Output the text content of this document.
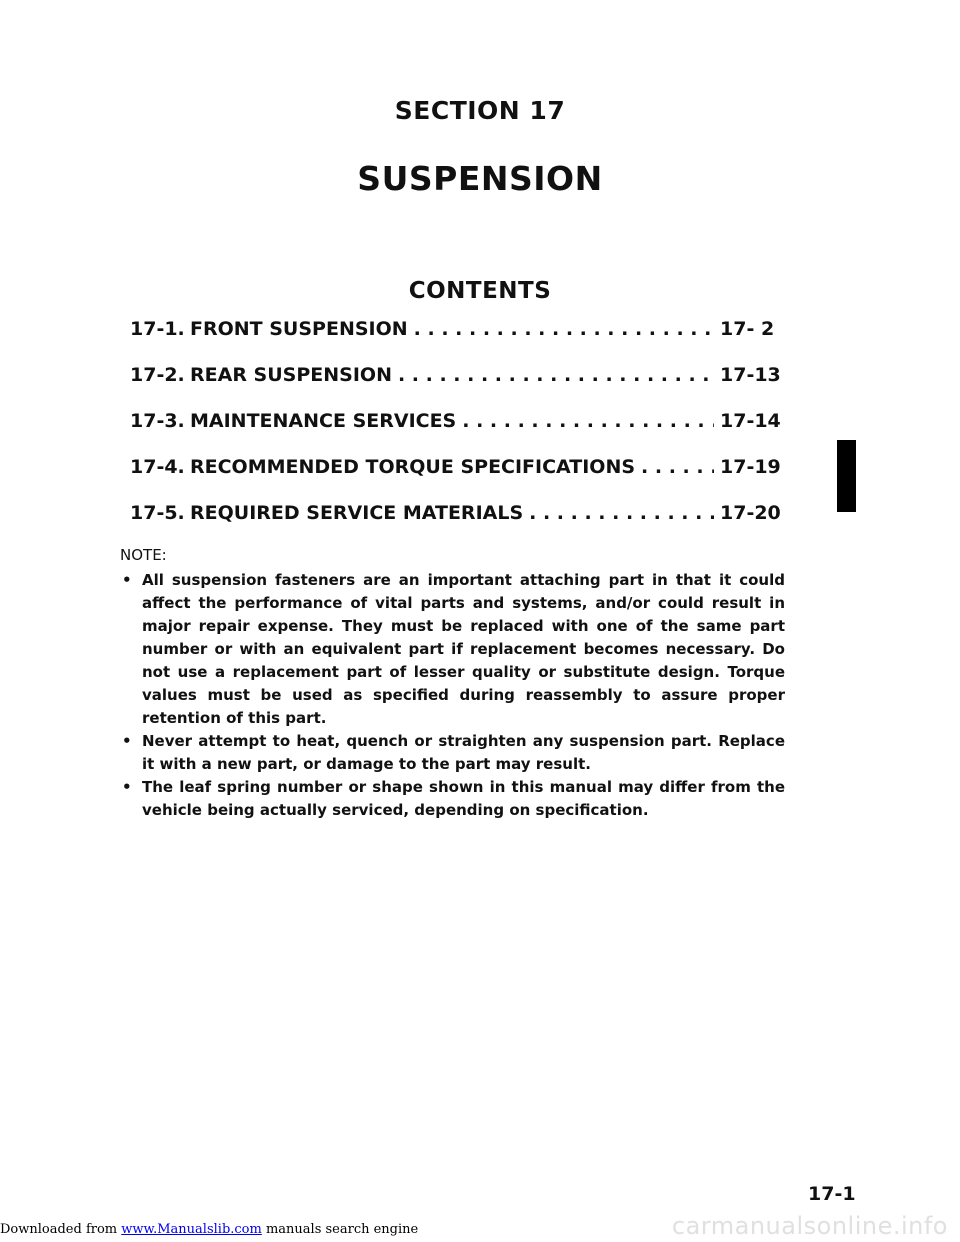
SECTION 17
SUSPENSION
CONTENTS
17-1. FRONT SUSPENSION . . .	17- 2
17-2. REAR SUSPENSION . . .	17-13
17-3. MAINTENANCE SERVICES . . .	17-14
17-4. RECOMMENDED TORQUE SPECIFICATIONS . . .	17-19
17-5. REQUIRED SERVICE MATERIALS . . .	17-20
NOTE:
• All suspension fasteners are an important attaching part in that it could affect the performance of vital parts and systems, and/or could result in major repair expense. They must be replaced with one of the same part number or with an equivalent part if replacement becomes necessary. Do not use a replacement part of lesser quality or substitute design. Torque values must be used as specified during reassembly to assure proper retention of this part.
• Never attempt to heat, quench or straighten any suspension part. Replace it with a new part, or damage to the part may result.
• The leaf spring number or shape shown in this manual may differ from the vehicle being actually serviced, depending on specification.
17-1
Downloaded from www.Manualslib.com manuals search engine	carmanualsonline.info
